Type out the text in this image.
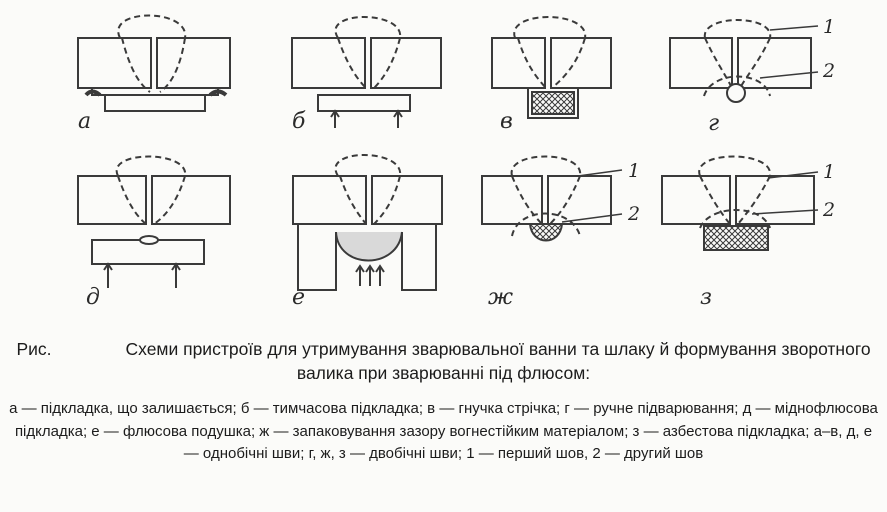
а	б	в
1
2
г
д	е
1
2
ж
1
2
з
Рис.	Схеми пристроїв для утримування зварювальної ванни та шлаку й формування зворотного валика при зварюванні під флюсом:
а — підкладка, що залишається; б — тимчасова підкладка; в — гнучка стрічка; г — ручне підварювання; д — міднофлюсова підкладка; е — флюсова подушка; ж — запаковування зазору вогнестійким матеріалом; з — азбестова підкладка; а–в, д, е — однобічні шви; г, ж, з — двобічні шви; 1 — перший шов, 2 — другий шов
